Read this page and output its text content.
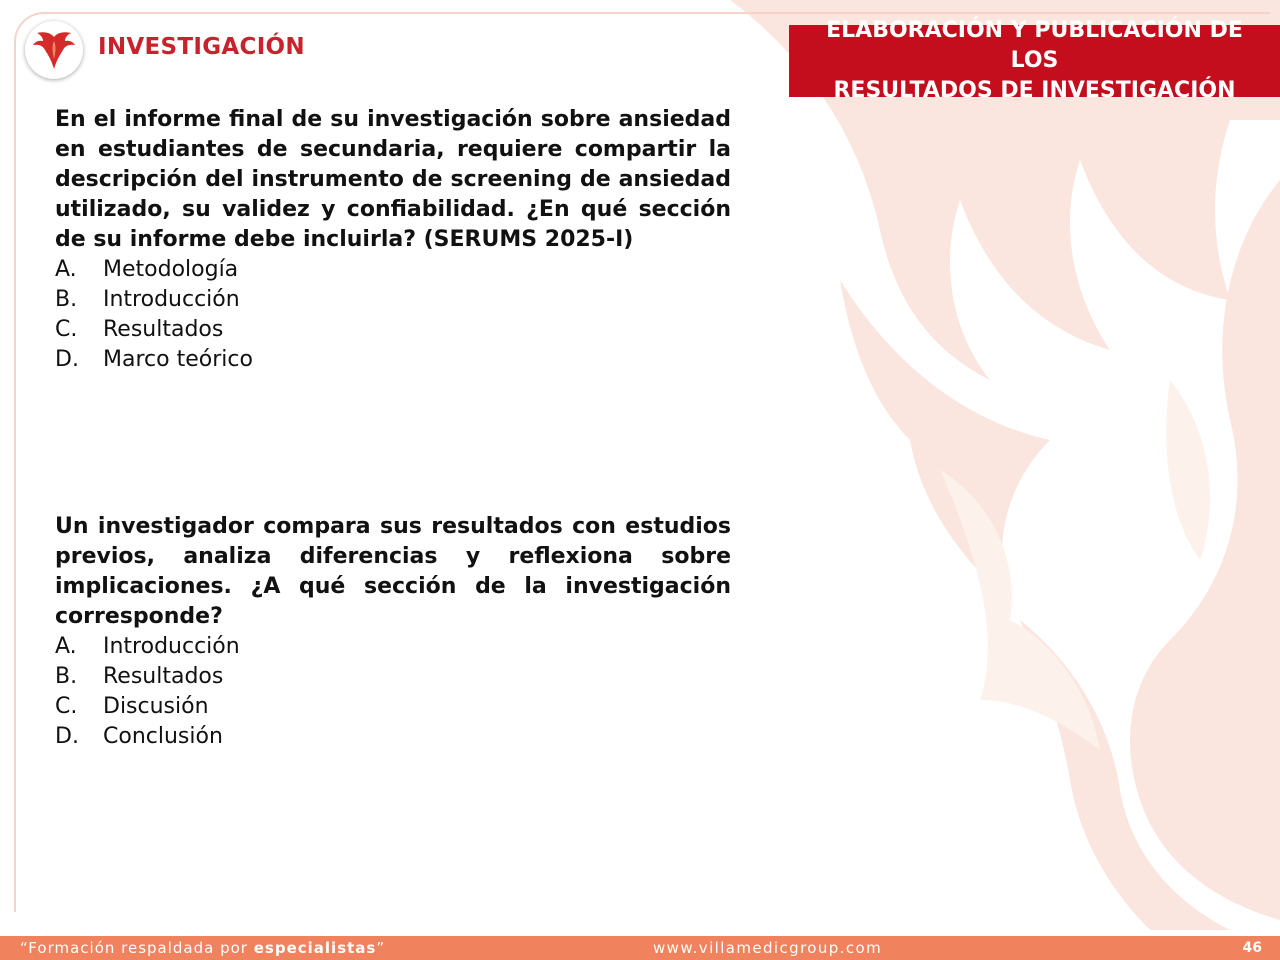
INVESTIGACIÓN
ELABORACIÓN Y PUBLICACIÓN DE LOS
RESULTADOS DE INVESTIGACIÓN

En el informe final de su investigación sobre ansiedad en estudiantes de secundaria, requiere compartir la descripción del instrumento de screening de ansiedad utilizado, su validez y confiabilidad. ¿En qué sección de su informe debe incluirla? (SERUMS 2025-I)

A.	Metodología
B.	Introducción
C.	Resultados
D.	Marco teórico

Un investigador compara sus resultados con estudios previos, analiza diferencias y reflexiona sobre implicaciones. ¿A qué sección de la investigación corresponde?

A.	Introducción
B.	Resultados
C.	Discusión
D.	Conclusión
“Formación respaldada por especialistas”	www.villamedicgroup.com	46
